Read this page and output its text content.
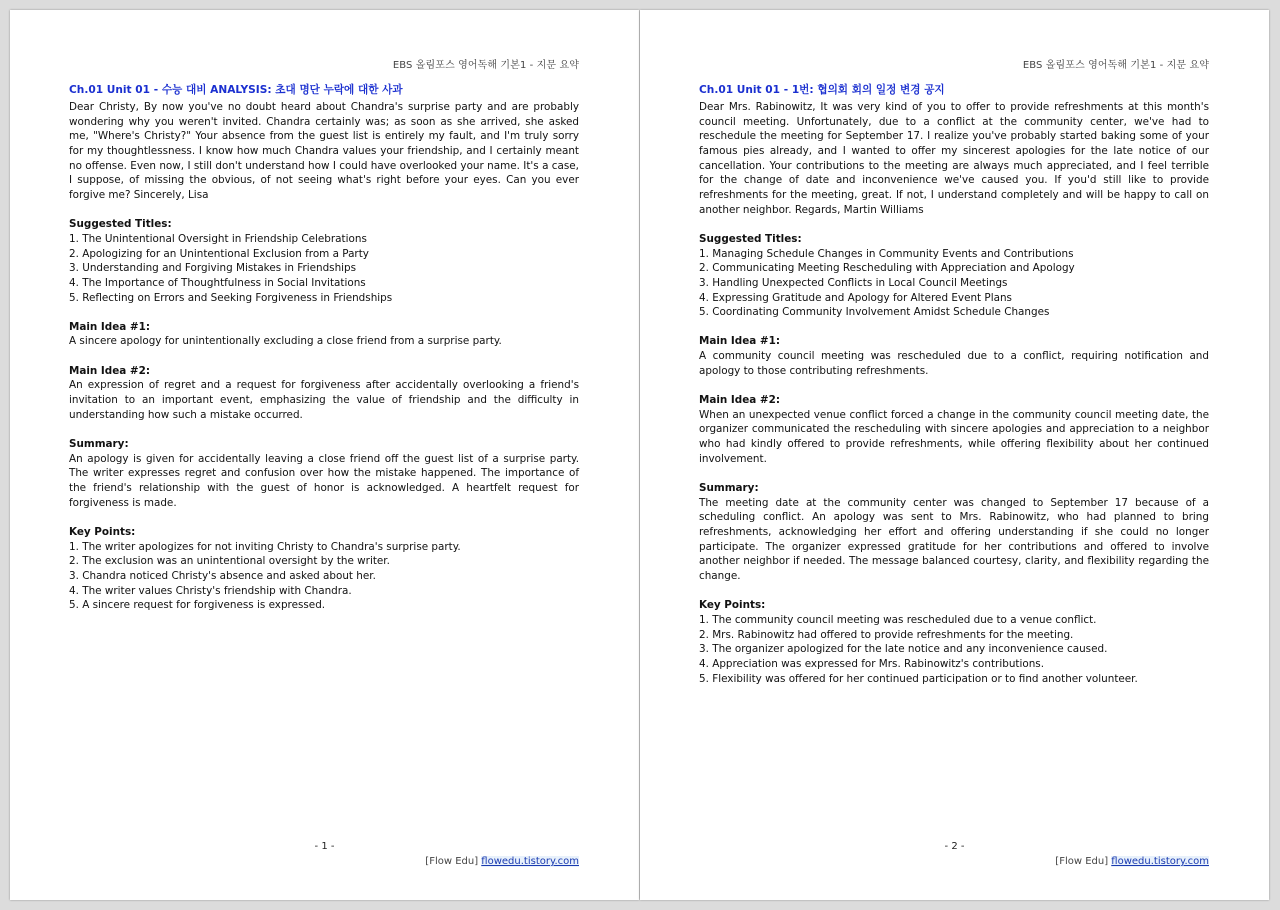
EBS 올림포스 영어독해 기본1 - 지문 요약
Ch.01 Unit 01 - 수능 대비 ANALYSIS: 초대 명단 누락에 대한 사과

Dear Christy, By now you've no doubt heard about Chandra's surprise party and are probably wondering why you weren't invited. Chandra certainly was; as soon as she arrived, she asked me, "Where's Christy?" Your absence from the guest list is entirely my fault, and I'm truly sorry for my thoughtlessness. I know how much Chandra values your friendship, and I certainly meant no offense. Even now, I still don't understand how I could have overlooked your name. It's a case, I suppose, of missing the obvious, of not seeing what's right before your eyes. Can you ever forgive me? Sincerely, Lisa

Suggested Titles:
1. The Unintentional Oversight in Friendship Celebrations
2. Apologizing for an Unintentional Exclusion from a Party
3. Understanding and Forgiving Mistakes in Friendships
4. The Importance of Thoughtfulness in Social Invitations
5. Reflecting on Errors and Seeking Forgiveness in Friendships
Main Idea #1:

A sincere apology for unintentionally excluding a close friend from a surprise party.

Main Idea #2:

An expression of regret and a request for forgiveness after accidentally overlooking a friend's invitation to an important event, emphasizing the value of friendship and the difficulty in understanding how such a mistake occurred.

Summary:

An apology is given for accidentally leaving a close friend off the guest list of a surprise party. The writer expresses regret and confusion over how the mistake happened. The importance of the friend's relationship with the guest of honor is acknowledged. A heartfelt request for forgiveness is made.

Key Points:
1. The writer apologizes for not inviting Christy to Chandra's surprise party.
2. The exclusion was an unintentional oversight by the writer.
3. Chandra noticed Christy's absence and asked about her.
4. The writer values Christy's friendship with Chandra.
5. A sincere request for forgiveness is expressed.
- 1 -
[Flow Edu] flowedu.tistory.com
EBS 올림포스 영어독해 기본1 - 지문 요약
Ch.01 Unit 01 - 1번: 협의회 회의 일정 변경 공지

Dear Mrs. Rabinowitz, It was very kind of you to offer to provide refreshments at this month's council meeting. Unfortunately, due to a conflict at the community center, we've had to reschedule the meeting for September 17. I realize you've probably started baking some of your famous pies already, and I wanted to offer my sincerest apologies for the late notice of our cancellation. Your contributions to the meeting are always much appreciated, and I feel terrible for the change of date and inconvenience we've caused you. If you'd still like to provide refreshments for the meeting, great. If not, I understand completely and will be happy to call on another neighbor. Regards, Martin Williams

Suggested Titles:
1. Managing Schedule Changes in Community Events and Contributions
2. Communicating Meeting Rescheduling with Appreciation and Apology
3. Handling Unexpected Conflicts in Local Council Meetings
4. Expressing Gratitude and Apology for Altered Event Plans
5. Coordinating Community Involvement Amidst Schedule Changes
Main Idea #1:

A community council meeting was rescheduled due to a conflict, requiring notification and apology to those contributing refreshments.

Main Idea #2:

When an unexpected venue conflict forced a change in the community council meeting date, the organizer communicated the rescheduling with sincere apologies and appreciation to a neighbor who had kindly offered to provide refreshments, while offering flexibility about her continued involvement.

Summary:

The meeting date at the community center was changed to September 17 because of a scheduling conflict. An apology was sent to Mrs. Rabinowitz, who had planned to bring refreshments, acknowledging her effort and offering understanding if she could no longer participate. The organizer expressed gratitude for her contributions and offered to involve another neighbor if needed. The message balanced courtesy, clarity, and flexibility regarding the change.

Key Points:
1. The community council meeting was rescheduled due to a venue conflict.
2. Mrs. Rabinowitz had offered to provide refreshments for the meeting.
3. The organizer apologized for the late notice and any inconvenience caused.
4. Appreciation was expressed for Mrs. Rabinowitz's contributions.
5. Flexibility was offered for her continued participation or to find another volunteer.
- 2 -
[Flow Edu] flowedu.tistory.com
